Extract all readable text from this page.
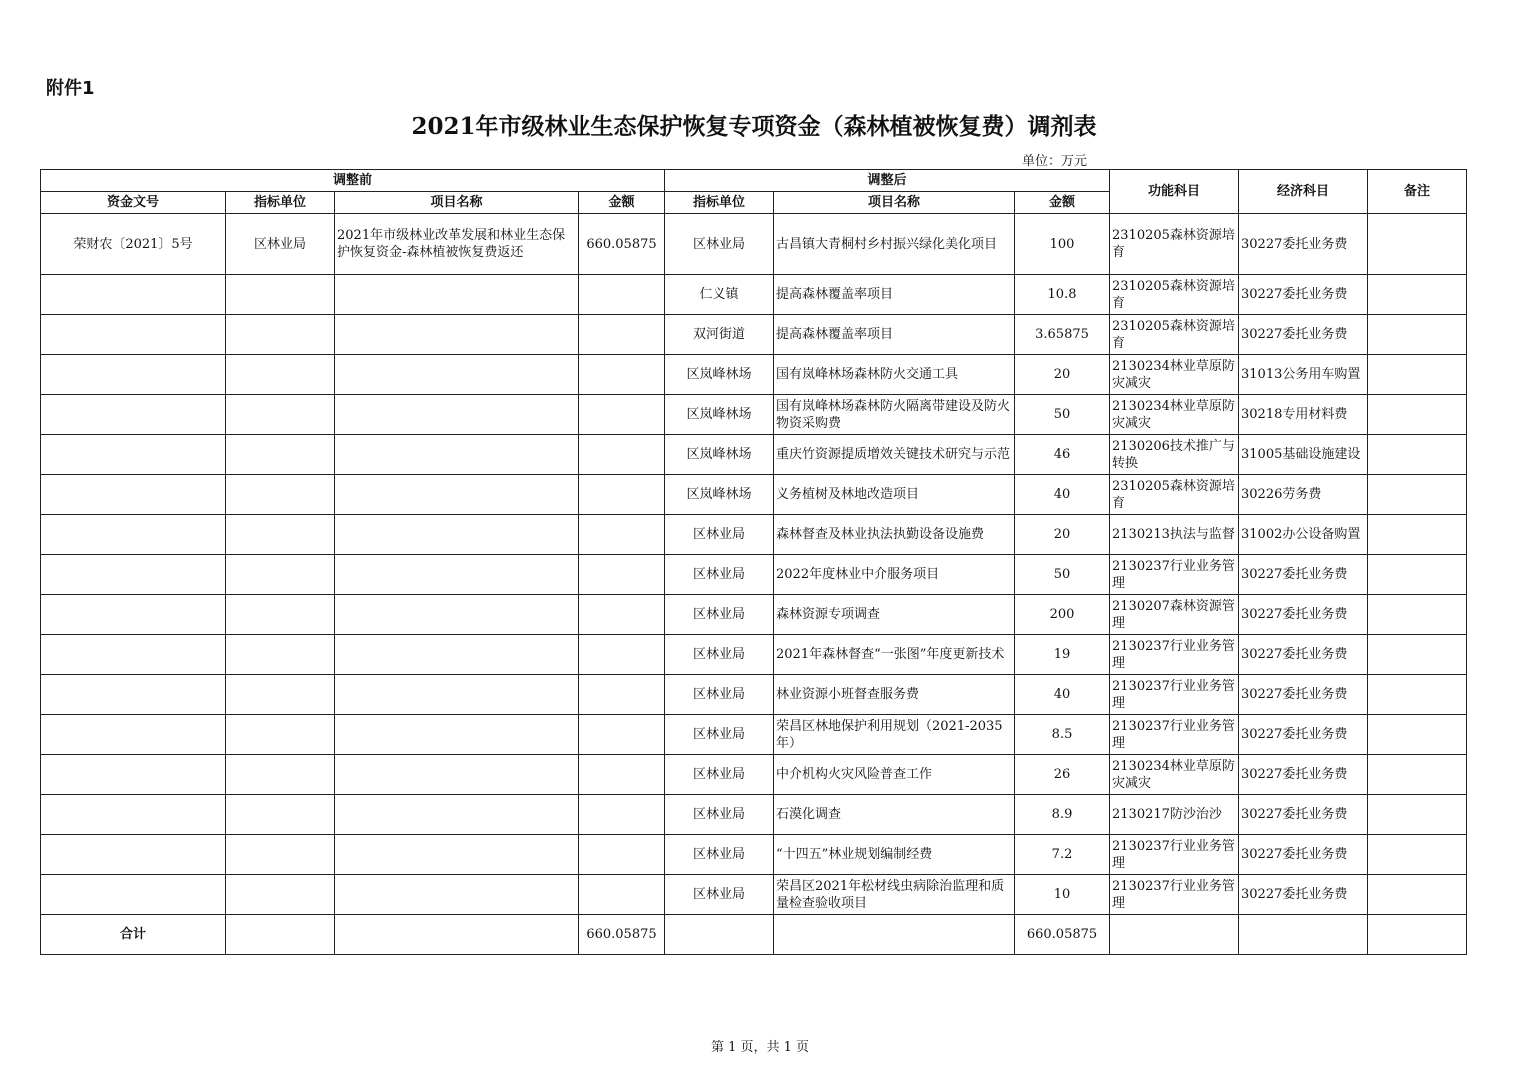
附件1
2021年市级林业生态保护恢复专项资金（森林植被恢复费）调剂表
单位：万元
调整前				调整后			功能科目	经济科目	备注
资金文号	指标单位	项目名称	金额	指标单位	项目名称	金额			
荣财农〔2021〕5号	区林业局	2021年市级林业改革发展和林业生态保护恢复资金-森林植被恢复费返还	660.05875	区林业局	古昌镇大青桐村乡村振兴绿化美化项目	100	2310205森林资源培育	30227委托业务费	
				仁义镇	提高森林覆盖率项目	10.8	2310205森林资源培育	30227委托业务费	
				双河街道	提高森林覆盖率项目	3.65875	2310205森林资源培育	30227委托业务费	
				区岚峰林场	国有岚峰林场森林防火交通工具	20	2130234林业草原防灾减灾	31013公务用车购置	
				区岚峰林场	国有岚峰林场森林防火隔离带建设及防火物资采购费	50	2130234林业草原防灾减灾	30218专用材料费	
				区岚峰林场	重庆竹资源提质增效关键技术研究与示范	46	2130206技术推广与转换	31005基础设施建设	
				区岚峰林场	义务植树及林地改造项目	40	2310205森林资源培育	30226劳务费	
				区林业局	森林督查及林业执法执勤设备设施费	20	2130213执法与监督	31002办公设备购置	
				区林业局	2022年度林业中介服务项目	50	2130237行业业务管理	30227委托业务费	
				区林业局	森林资源专项调查	200	2130207森林资源管理	30227委托业务费	
				区林业局	2021年森林督查“一张图”年度更新技术	19	2130237行业业务管理	30227委托业务费	
				区林业局	林业资源小班督查服务费	40	2130237行业业务管理	30227委托业务费	
				区林业局	荣昌区林地保护利用规划（2021-2035年）	8.5	2130237行业业务管理	30227委托业务费	
				区林业局	中介机构火灾风险普查工作	26	2130234林业草原防灾减灾	30227委托业务费	
				区林业局	石漠化调查	8.9	2130217防沙治沙	30227委托业务费	
				区林业局	“十四五”林业规划编制经费	7.2	2130237行业业务管理	30227委托业务费	
				区林业局	荣昌区2021年松材线虫病除治监理和质量检查验收项目	10	2130237行业业务管理	30227委托业务费	
合计			660.05875			660.05875			
第 1 页，共 1 页
